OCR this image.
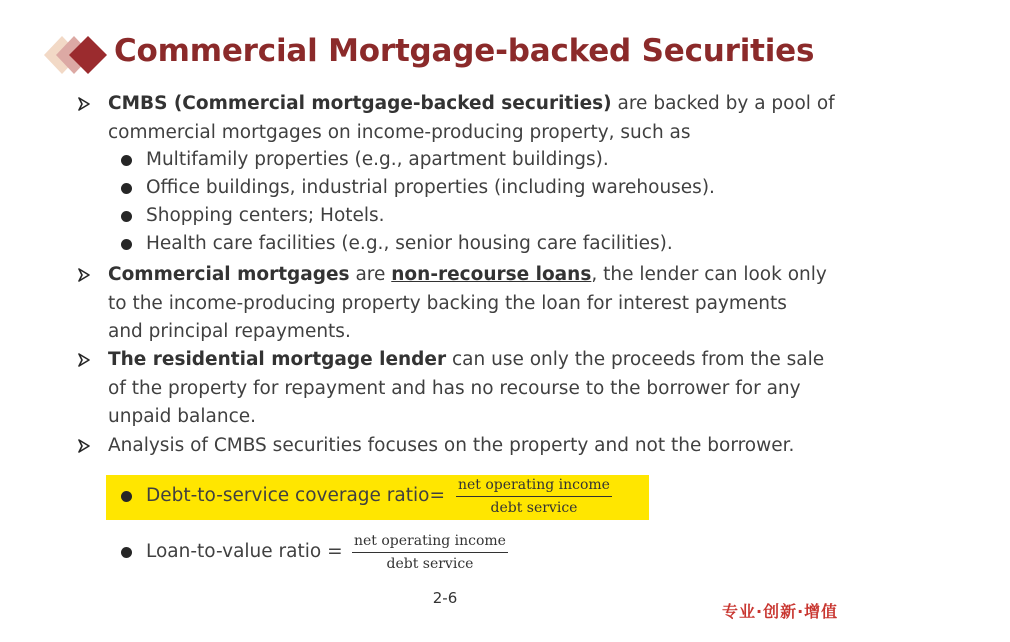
Commercial Mortgage-backed Securities

CMBS (Commercial mortgage-backed securities) are backed by a pool of
commercial mortgages on income-producing property, such as

Multifamily properties (e.g., apartment buildings).

Office buildings, industrial properties (including warehouses).

Shopping centers; Hotels.

Health care facilities (e.g., senior housing care facilities).

Commercial mortgages are non-recourse loans, the lender can look only
to the income-producing property backing the loan for interest payments
and principal repayments.

The residential mortgage lender can use only the proceeds from the sale
of the property for repayment and has no recourse to the borrower for any
unpaid balance.

Analysis of CMBS securities focuses on the property and not the borrower.

Debt-to-service coverage ratio= net operating income
debt service
Loan-to-value ratio = net operating income
debt service
2-6
专业·创新·增值
